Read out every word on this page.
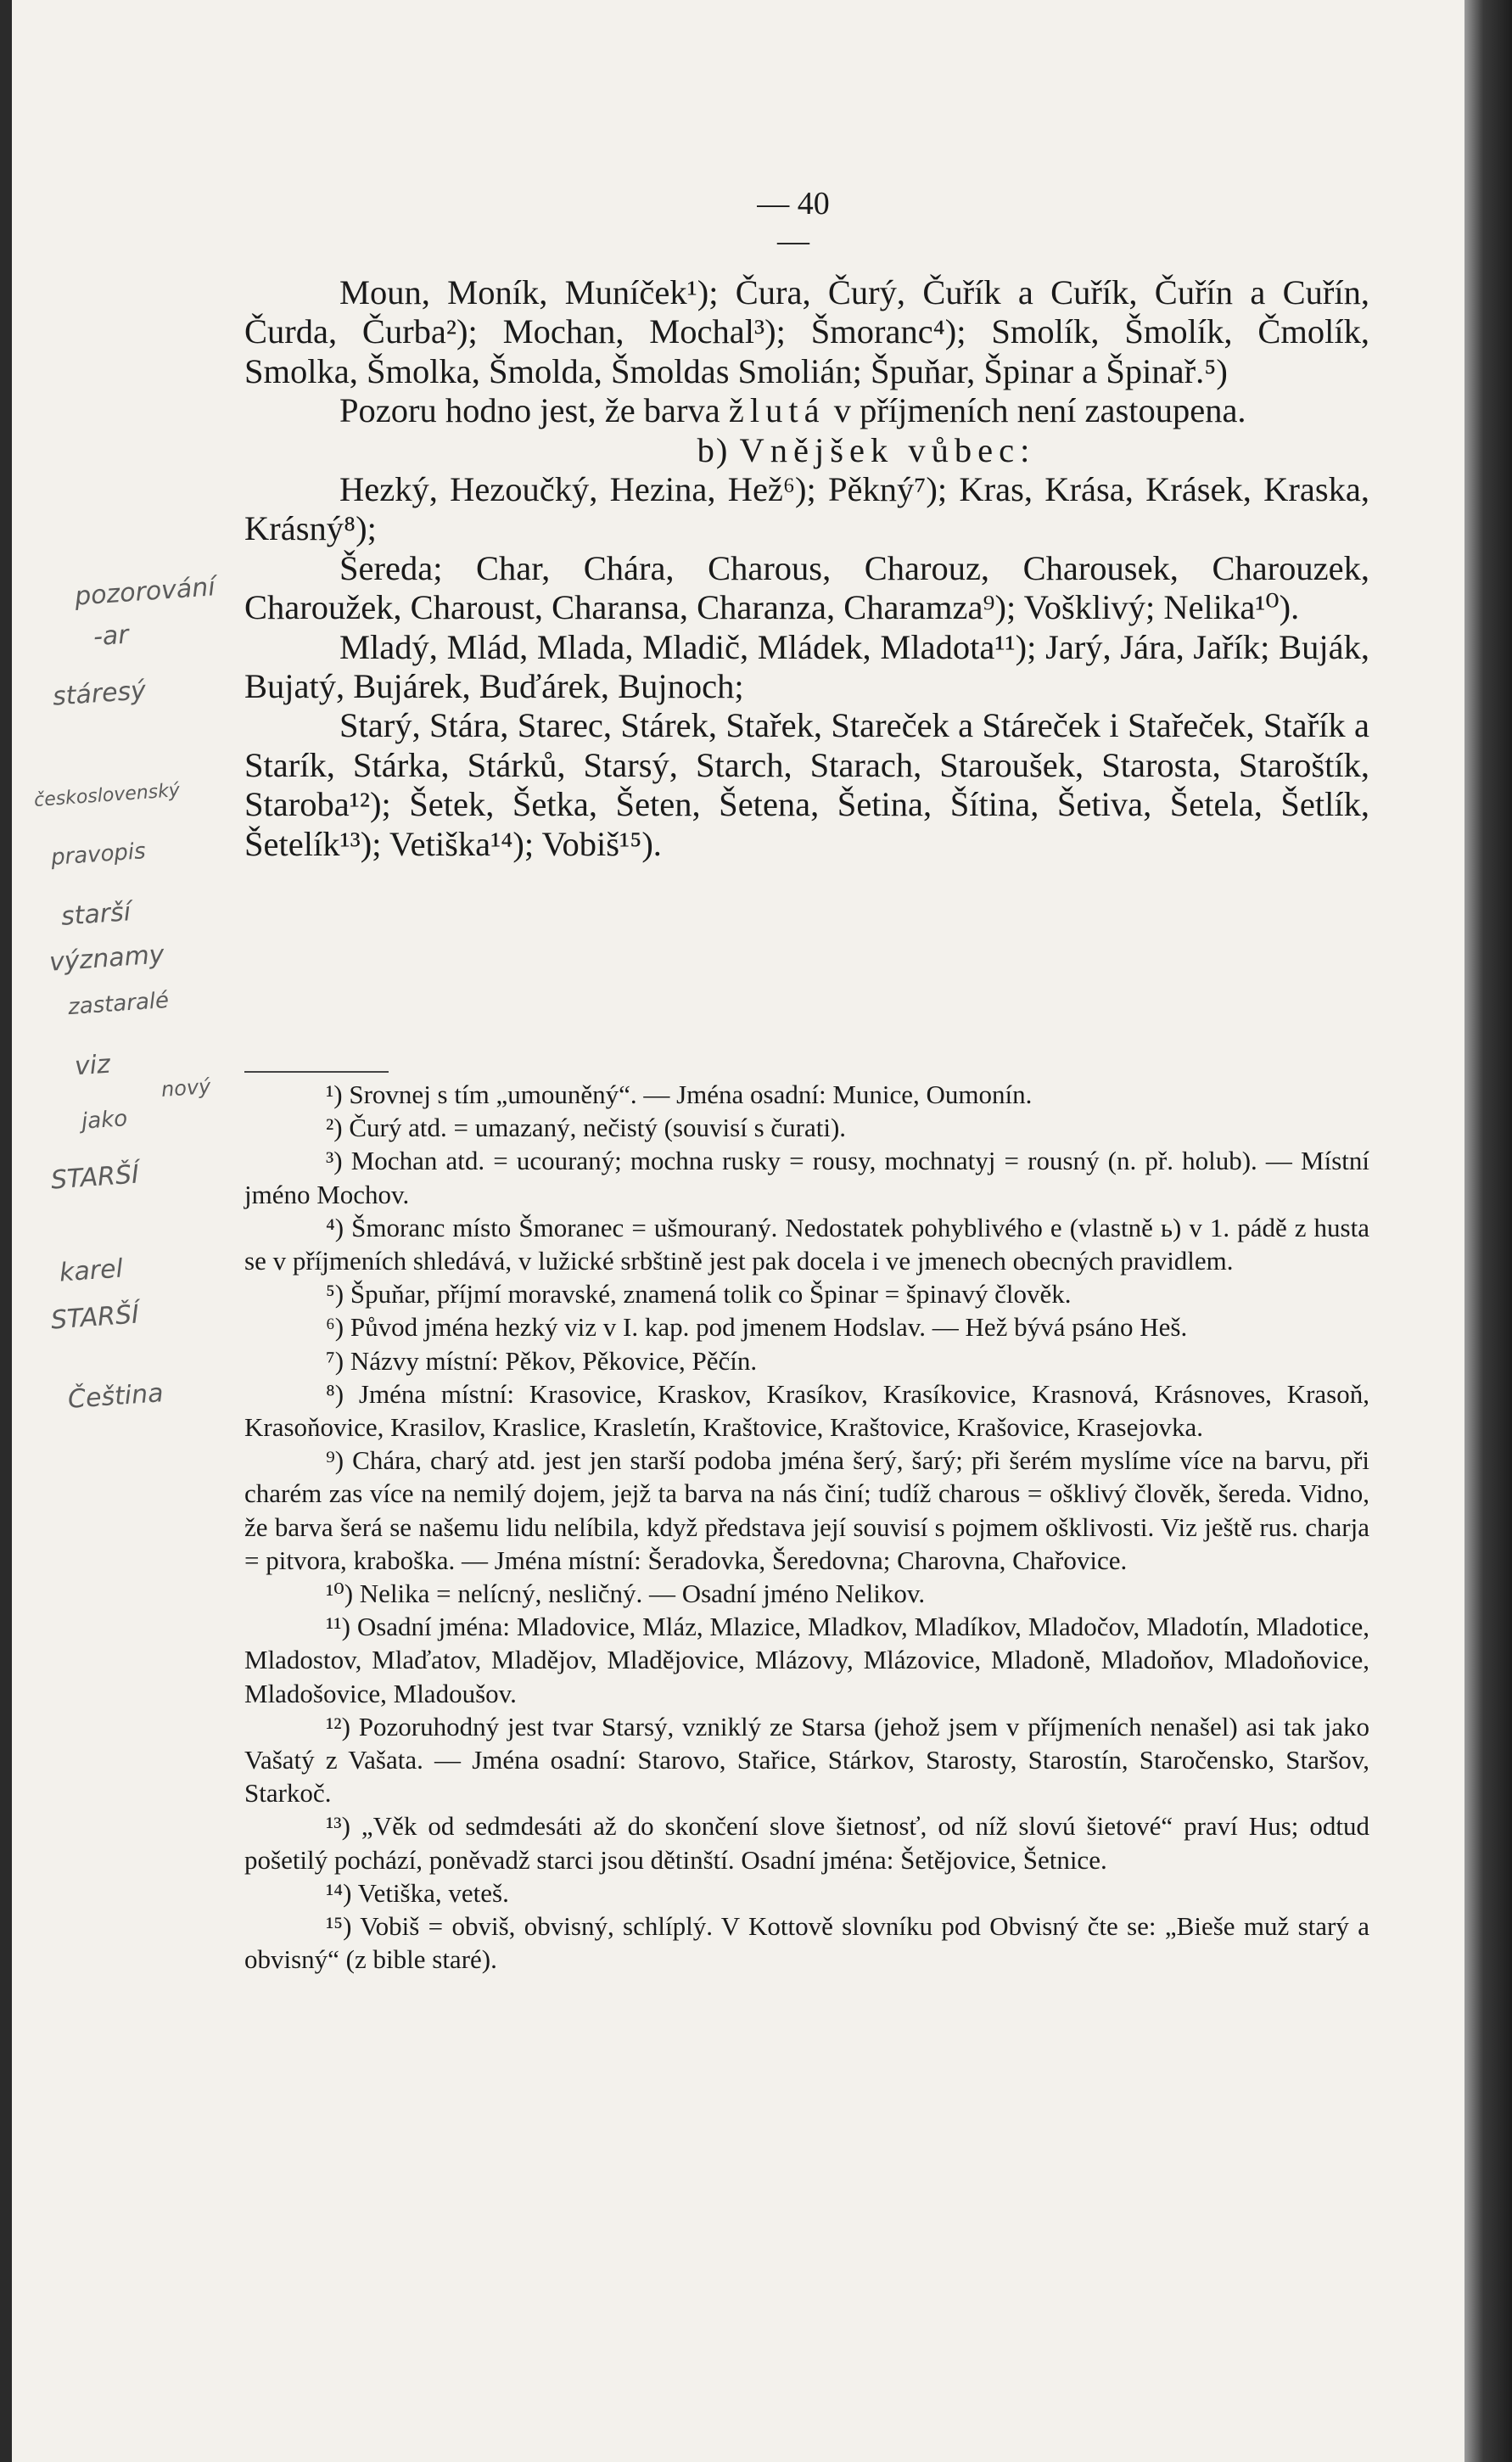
— 40 —

Moun, Moník, Muníček¹); Čura, Čurý, Čuřík a Cuřík, Čuřín a Cuřín, Čurda, Čurba²); Mochan, Mochal³); Šmoranc⁴); Smolík, Šmolík, Čmolík, Smolka, Šmolka, Šmolda, Šmoldas Smolián; Špuňar, Špinar a Špinař.⁵)

Pozoru hodno jest, že barva žlutá v příjmeních není zastoupena.

b) Vnějšek vůbec:

Hezký, Hezoučký, Hezina, Hež⁶); Pěkný⁷); Kras, Krása, Krásek, Kraska, Krásný⁸);

Šereda; Char, Chára, Charous, Charouz, Charousek, Charouzek, Charoužek, Charoust, Charansa, Charanza, Charamza⁹); Vošklivý; Nelika¹⁰).

Mladý, Mlád, Mlada, Mladič, Mládek, Mladota¹¹); Jarý, Jára, Jařík; Buják, Bujatý, Bujárek, Buďárek, Bujnoch;

Starý, Stára, Starec, Stárek, Stařek, Stareček a Stáreček i Stařeček, Stařík a Starík, Stárka, Stárků, Starsý, Starch, Starach, Staroušek, Starosta, Staroštík, Staroba¹²); Šetek, Šetka, Šeten, Šetena, Šetina, Šítina, Šetiva, Šetela, Šetlík, Šetelík¹³); Vetiška¹⁴); Vobiš¹⁵).

¹) Srovnej s tím „umouněný“. — Jména osadní: Munice, Oumonín.

²) Čurý atd. = umazaný, nečistý (souvisí s čurati).

³) Mochan atd. = ucouraný; mochna rusky = rousy, mochnatyj = rousný (n. př. holub). — Místní jméno Mochov.

⁴) Šmoranc místo Šmoranec = ušmouraný. Nedostatek pohyblivého e (vlastně ь) v 1. pádě z husta se v příjmeních shledává, v lužické srbštině jest pak docela i ve jmenech obecných pravidlem.

⁵) Špuňar, příjmí moravské, znamená tolik co Špinar = špinavý člověk.

⁶) Původ jména hezký viz v I. kap. pod jmenem Hodslav. — Hež bývá psáno Heš.

⁷) Názvy místní: Pěkov, Pěkovice, Pěčín.

⁸) Jména místní: Krasovice, Kraskov, Krasíkov, Krasíkovice, Krasnová, Krásnoves, Krasoň, Krasoňovice, Krasilov, Kraslice, Krasletín, Kraštovice, Kraštovice, Krašovice, Krasejovka.

⁹) Chára, charý atd. jest jen starší podoba jména šerý, šarý; při šerém myslíme více na barvu, při charém zas více na nemilý dojem, jejž ta barva na nás činí; tudíž charous = ošklivý člověk, šereda. Vidno, že barva šerá se našemu lidu nelíbila, když představa její souvisí s pojmem ošklivosti. Viz ještě rus. charja = pitvora, kraboška. — Jména místní: Šeradovka, Šeredovna; Charovna, Chařovice.

¹⁰) Nelika = nelícný, nesličný. — Osadní jméno Nelikov.

¹¹) Osadní jména: Mladovice, Mláz, Mlazice, Mladkov, Mladíkov, Mladočov, Mladotín, Mladotice, Mladostov, Mlaďatov, Mladějov, Mladějovice, Mlázovy, Mlázovice, Mladoně, Mladoňov, Mladoňovice, Mladošovice, Mladoušov.

¹²) Pozoruhodný jest tvar Starsý, vzniklý ze Starsa (jehož jsem v příjmeních nenašel) asi tak jako Vašatý z Vašata. — Jména osadní: Starovo, Stařice, Stárkov, Starosty, Starostín, Staročensko, Staršov, Starkoč.

¹³) „Věk od sedmdesáti až do skončení slove šietnosť, od níž slovú šietové“ praví Hus; odtud pošetilý pochází, poněvadž starci jsou dětinští. Osadní jména: Šetějovice, Šetnice.

¹⁴) Vetiška, veteš.

¹⁵) Vobiš = obviš, obvisný, schlíplý. V Kottově slovníku pod Obvisný čte se: „Bieše muž starý a obvisný“ (z bible staré).

pozorování
-ar
stáresý
československý
pravopis
starší
významy
zastaralé
viz
nový
jako
STARŠÍ
karel
STARŠÍ
Čeština
